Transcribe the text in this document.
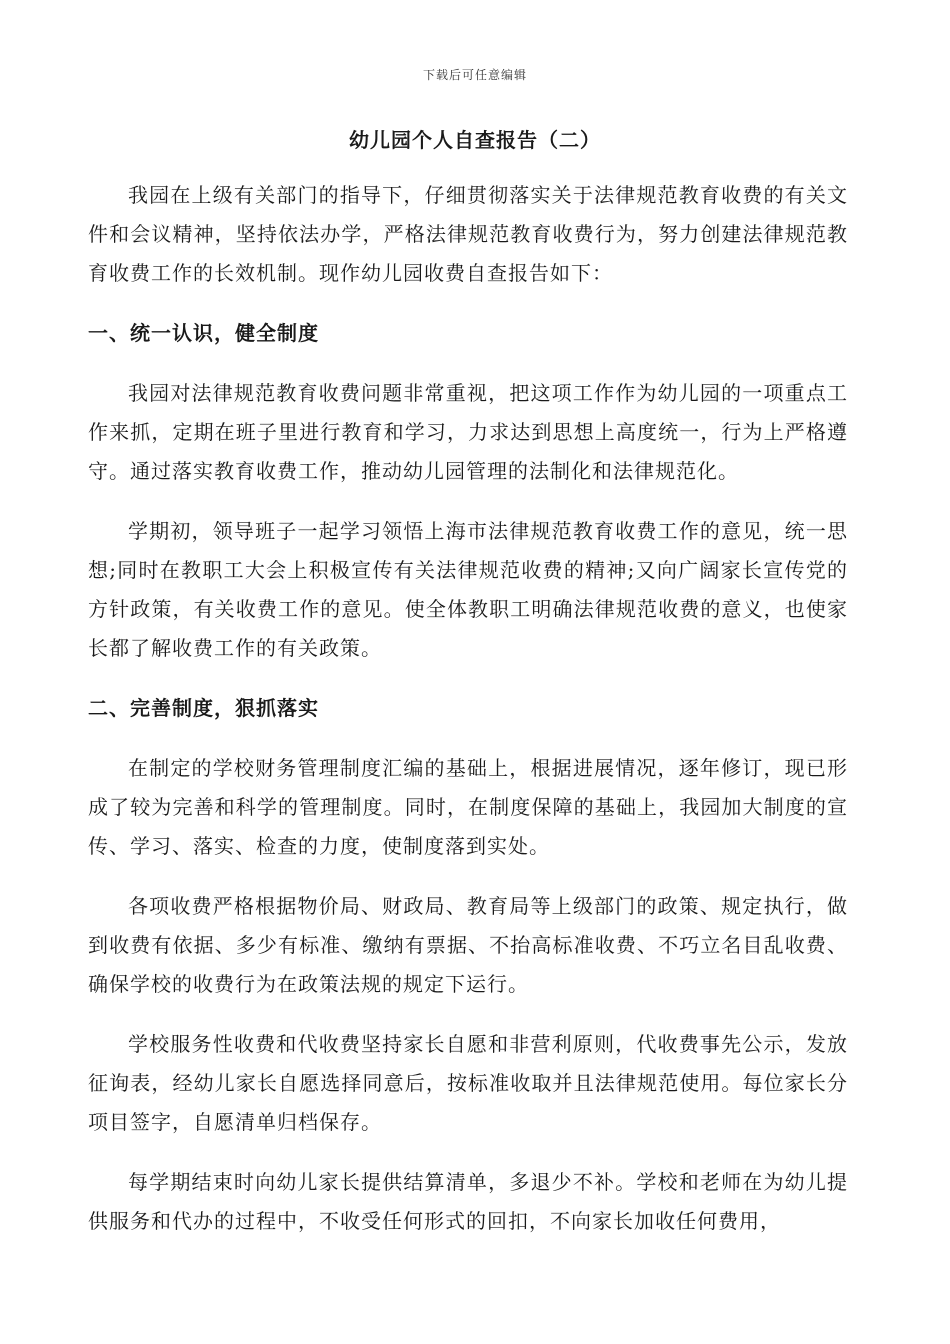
下载后可任意编辑
幼儿园个人自查报告（二）

我园在上级有关部门的指导下，仔细贯彻落实关于法律规范教育收费的有关文件和会议精神，坚持依法办学，严格法律规范教育收费行为，努力创建法律规范教育收费工作的长效机制。现作幼儿园收费自查报告如下：

一、统一认识，健全制度

我园对法律规范教育收费问题非常重视，把这项工作作为幼儿园的一项重点工作来抓，定期在班子里进行教育和学习，力求达到思想上高度统一，行为上严格遵守。通过落实教育收费工作，推动幼儿园管理的法制化和法律规范化。

学期初，领导班子一起学习领悟上海市法律规范教育收费工作的意见，统一思想;同时在教职工大会上积极宣传有关法律规范收费的精神;又向广阔家长宣传党的方针政策，有关收费工作的意见。使全体教职工明确法律规范收费的意义，也使家长都了解收费工作的有关政策。

二、完善制度，狠抓落实

在制定的学校财务管理制度汇编的基础上，根据进展情况，逐年修订，现已形成了较为完善和科学的管理制度。同时，在制度保障的基础上，我园加大制度的宣传、学习、落实、检查的力度，使制度落到实处。

各项收费严格根据物价局、财政局、教育局等上级部门的政策、规定执行，做到收费有依据、多少有标准、缴纳有票据、不抬高标准收费、不巧立名目乱收费、确保学校的收费行为在政策法规的规定下运行。

学校服务性收费和代收费坚持家长自愿和非营利原则，代收费事先公示，发放征询表，经幼儿家长自愿选择同意后，按标准收取并且法律规范使用。每位家长分项目签字，自愿清单归档保存。

每学期结束时向幼儿家长提供结算清单，多退少不补。学校和老师在为幼儿提供服务和代办的过程中，不收受任何形式的回扣，不向家长加收任何费用，
